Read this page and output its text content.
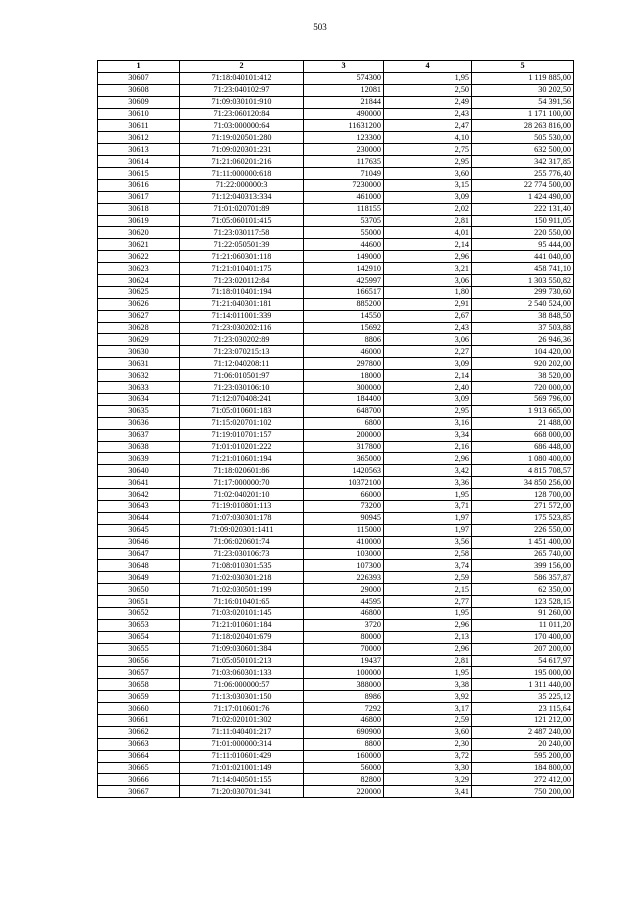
503
1	2	3	4	5
30607	71:18:040101:412	574300	1,95	1 119 885,00
30608	71:23:040102:97	12081	2,50	30 202,50
30609	71:09:030101:910	21844	2,49	54 391,56
30610	71:23:060120:84	490000	2,43	1 171 100,00
30611	71:03:000000:64	11631200	2,47	28 263 816,00
30612	71:19:020501:280	123300	4,10	505 530,00
30613	71:09:020301:231	230000	2,75	632 500,00
30614	71:21:060201:216	117635	2,95	342 317,85
30615	71:11:000000:618	71049	3,60	255 776,40
30616	71:22:000000:3	7230000	3,15	22 774 500,00
30617	71:12:040313:334	461000	3,09	1 424 490,00
30618	71:01:020701:89	118155	2,02	222 131,40
30619	71:05:060101:415	53705	2,81	150 911,05
30620	71:23:030117:58	55000	4,01	220 550,00
30621	71:22:050501:39	44600	2,14	95 444,00
30622	71:21:060301:118	149000	2,96	441 040,00
30623	71:21:010401:175	142910	3,21	458 741,10
30624	71:23:020112:84	425997	3,06	1 303 550,82
30625	71:18:010401:194	166517	1,80	299 730,60
30626	71:21:040301:181	885200	2,91	2 540 524,00
30627	71:14:011001:339	14550	2,67	38 848,50
30628	71:23:030202:116	15692	2,43	37 503,88
30629	71:23:030202:89	8806	3,06	26 946,36
30630	71:23:070215:13	46000	2,27	104 420,00
30631	71:12:040208:11	297800	3,09	920 202,00
30632	71:06:010501:97	18000	2,14	38 520,00
30633	71:23:030106:10	300000	2,40	720 000,00
30634	71:12:070408:241	184400	3,09	569 796,00
30635	71:05:010601:183	648700	2,95	1 913 665,00
30636	71:15:020701:102	6800	3,16	21 488,00
30637	71:19:010701:157	200000	3,34	668 000,00
30638	71:01:010201:222	317800	2,16	686 448,00
30639	71:21:010601:194	365000	2,96	1 080 400,00
30640	71:18:020601:86	1420563	3,42	4 815 708,57
30641	71:17:000000:70	10372100	3,36	34 850 256,00
30642	71:02:040201:10	66000	1,95	128 700,00
30643	71:19:010801:113	73200	3,71	271 572,00
30644	71:07:030301:178	90945	1,97	175 523,85
30645	71:09:020301:1411	115000	1,97	226 550,00
30646	71:06:020601:74	410000	3,56	1 451 400,00
30647	71:23:030106:73	103000	2,58	265 740,00
30648	71:08:010301:535	107300	3,74	399 156,00
30649	71:02:030301:218	226393	2,59	586 357,87
30650	71:02:030501:199	29000	2,15	62 350,00
30651	71:16:010401:65	44595	2,77	123 528,15
30652	71:03:020101:145	46800	1,95	91 260,00
30653	71:21:010601:184	3720	2,96	11 011,20
30654	71:18:020401:679	80000	2,13	170 400,00
30655	71:09:030601:384	70000	2,96	207 200,00
30656	71:05:050101:213	19437	2,81	54 617,97
30657	71:03:060301:133	100000	1,95	195 000,00
30658	71:06:000000:57	388000	3,38	1 311 440,00
30659	71:13:030301:150	8986	3,92	35 225,12
30660	71:17:010601:76	7292	3,17	23 115,64
30661	71:02:020101:302	46800	2,59	121 212,00
30662	71:11:040401:217	690900	3,60	2 487 240,00
30663	71:01:000000:314	8800	2,30	20 240,00
30664	71:11:010601:429	160000	3,72	595 200,00
30665	71:01:021001:149	56000	3,30	184 800,00
30666	71:14:040501:155	82800	3,29	272 412,00
30667	71:20:030701:341	220000	3,41	750 200,00
